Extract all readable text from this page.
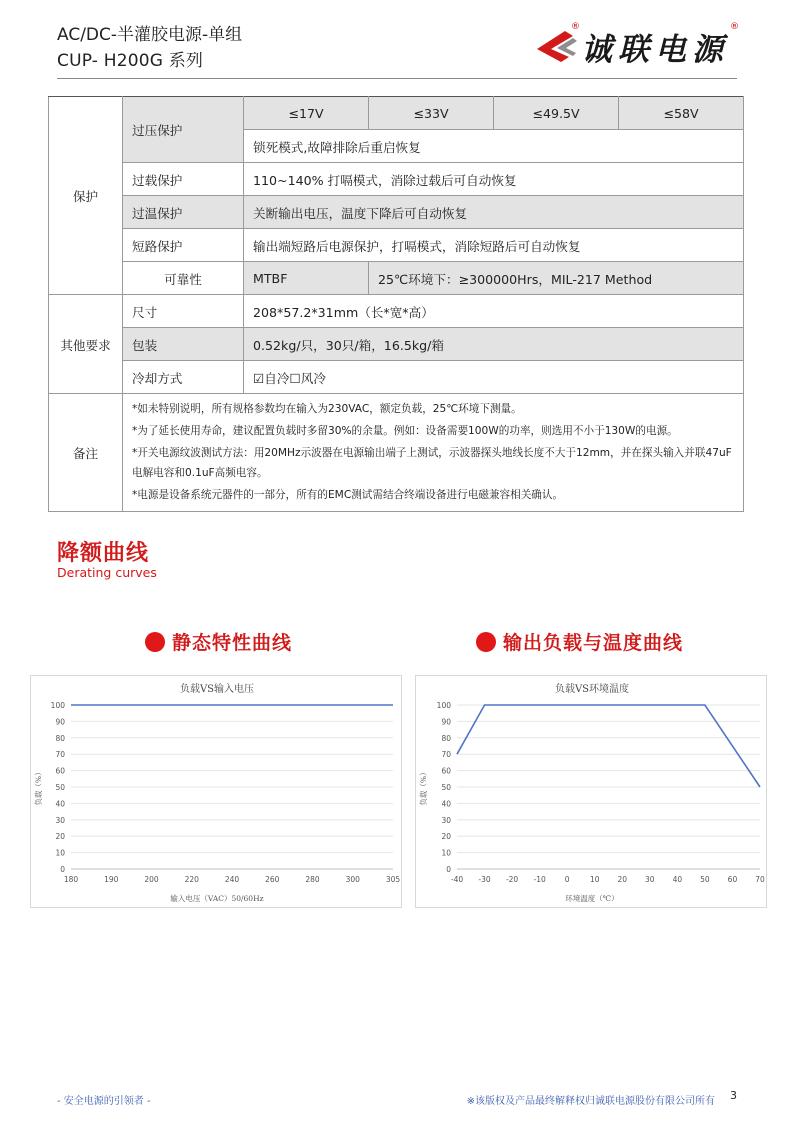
AC/DC-半灌胶电源-单组
CUP- H200G 系列
®
诚联电源
®
保护	过压保护	≤17V	≤33V	≤49.5V	≤58V
		锁死模式,故障排除后重启恢复			
	过载保护	110~140% 打嗝模式，消除过载后可自动恢复			
	过温保护	关断输出电压，温度下降后可自动恢复			
	短路保护	输出端短路后电源保护，打嗝模式，消除短路后可自动恢复			
	可靠性	MTBF	25℃环境下：≥300000Hrs，MIL-217 Method		
其他要求	尺寸	208*57.2*31mm（长*宽*高）			
	包装	0.52kg/只，30只/箱，16.5kg/箱			
	冷却方式	☑自冷☐风冷			
备注	*如未特别说明，所有规格参数均在输入为230VAC，额定负载，25℃环境下测量。

*为了延长使用寿命，建议配置负载时多留30%的余量。例如：设备需要100W的功率，则选用不小于130W的电源。

*开关电源纹波测试方法：用20MHz示波器在电源输出端子上测试，示波器探头地线长度不大于12mm，并在探头输入并联47uF电解电容和0.1uF高频电容。

*电源是设备系统元器件的一部分，所有的EMC测试需结合终端设备进行电磁兼容相关确认。				

降额曲线
Derating curves
静态特性曲线	输出负载与温度曲线
负载VS输入电压
0
10
20
30
40
50
60
70
80
90
100
180	190	200	220	240	260	280	300	305
输入电压（VAC）50/60Hz
负载（%）
负载VS环境温度
0
10
20
30
40
50
60
70
80
90
100
-40 -30 -20 -10	0	10 20 30 40 50 60 70
环境温度（℃）
负载（%）
- 安全电源的引领者 -	※该版权及产品最终解释权归诚联电源股份有限公司所有 3
